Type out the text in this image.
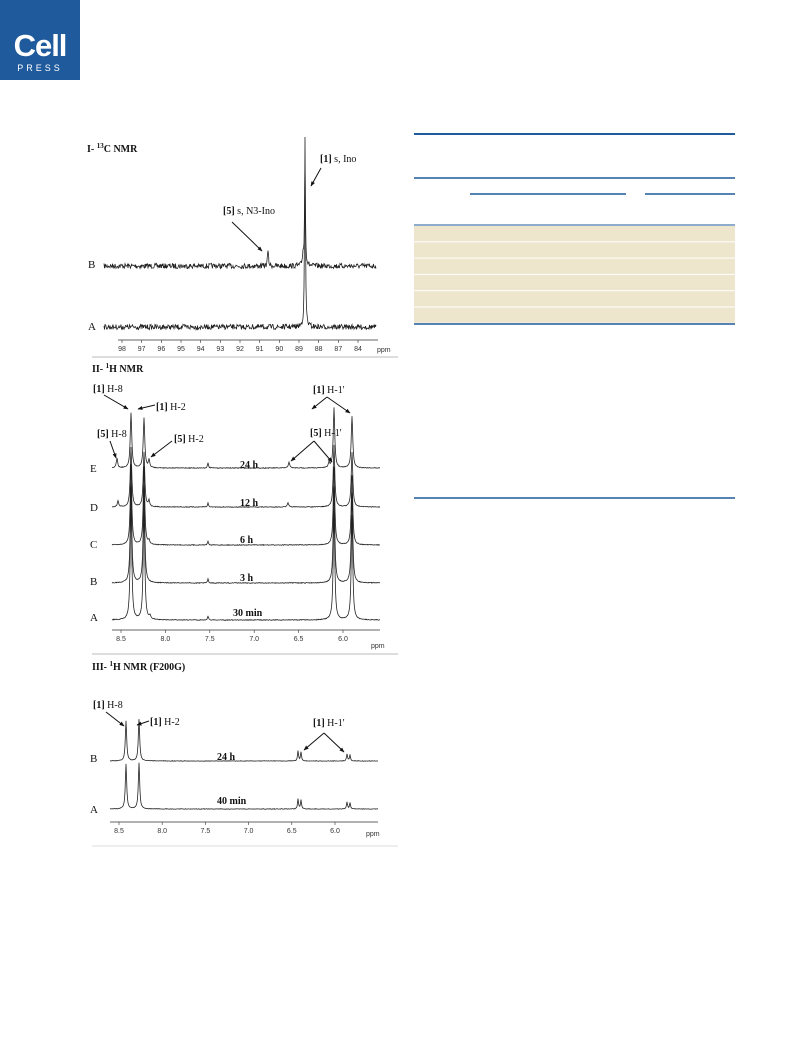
Cell
PRESS
I- $^{13}$C NMR
B
A
[1] s, Ino
[5] s, N3-Ino
98 97 96 95 94 93 92 91 90 89 88 87 84 ppm
II- $^1$H NMR
E
D
C
B
A
24 h
12 h
6 h
3 h
30 min
[1] H-8
[1] H-2
[5] H-8	[5] H-2
[1] H-1'
[5] H-1'
8.5	8.0	7.5	7.0	6.5	6.0
ppm
III- $^1$H NMR (F200G)
B
A
24 h
40 min
[1] H-8
[1] H-2	[1] H-1'
8.5	8.0	7.5	7.0	6.5	6.0	ppm
